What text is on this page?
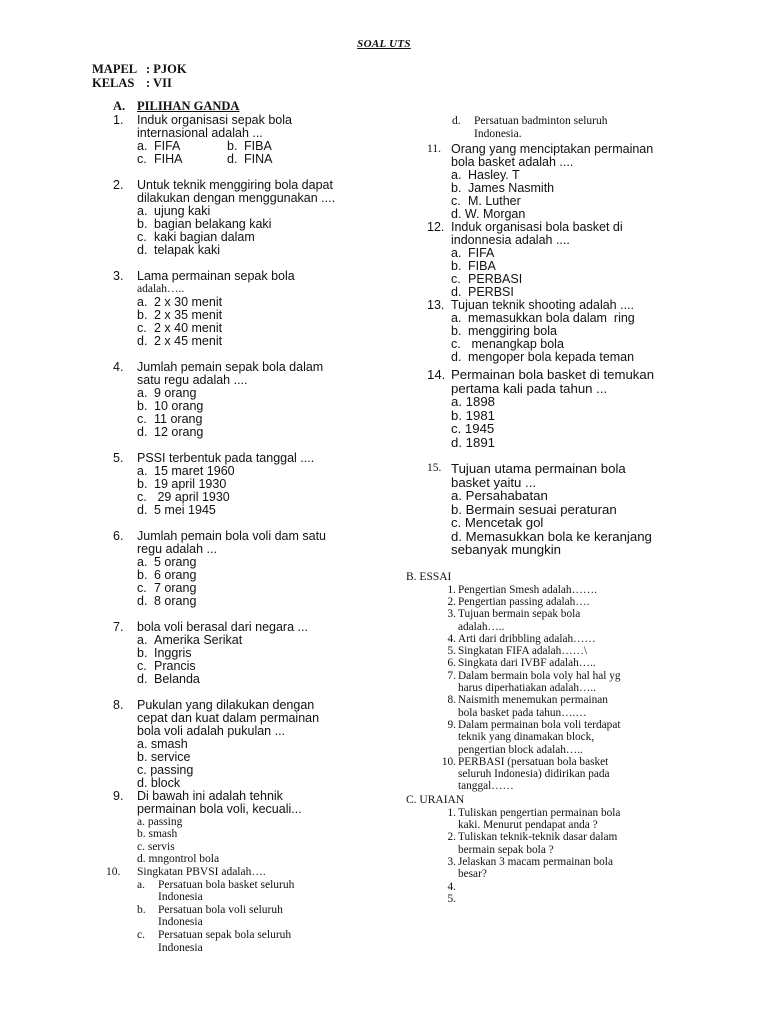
SOAL UTS
MAPEL : PJOK
KELAS : VII
A. PILIHAN GANDA
1. Induk organisasi sepak bola
internasional adalah ...
a. FIFA	b. FIBA
c. FIHA	d. FINA
2. Untuk teknik menggiring bola dapat
dilakukan dengan menggunakan ....
a. ujung kaki
b. bagian belakang kaki
c. kaki bagian dalam
d. telapak kaki
3. Lama permainan sepak bola
adalah…..
a. 2 x 30 menit
b. 2 x 35 menit
c. 2 x 40 menit
d. 2 x 45 menit
4. Jumlah pemain sepak bola dalam
satu regu adalah ....
a. 9 orang
b. 10 orang
c. 11 orang
d. 12 orang
5. PSSI terbentuk pada tanggal ....
a. 15 maret 1960
b. 19 april 1930
c. 29 april 1930
d. 5 mei 1945
6. Jumlah pemain bola voli dam satu
regu adalah ...
a. 5 orang
b. 6 orang
c. 7 orang
d. 8 orang
7. bola voli berasal dari negara ...
a. Amerika Serikat
b. Inggris
c. Prancis
d. Belanda
8. Pukulan yang dilakukan dengan
cepat dan kuat dalam permainan
bola voli adalah pukulan ...
a. smash
b. service
c. passing
d. block
9. Di bawah ini adalah tehnik
permainan bola voli, kecuali...
a. passing
b. smash
c. servis
d. mngontrol bola
10. Singkatan PBVSI adalah….
a. Persatuan bola basket seluruh
Indonesia
b. Persatuan bola voli seluruh
Indonesia
c. Persatuan sepak bola seluruh
Indonesia
d. Persatuan badminton seluruh
Indonesia.
11. Orang yang menciptakan permainan
bola basket adalah ....
a. Hasley. T
b. James Nasmith
c. M. Luther
d. W. Morgan
12. Induk organisasi bola basket di
indonnesia adalah ....
a. FIFA
b. FIBA
c. PERBASI
d. PERBSI
13. Tujuan teknik shooting adalah ....
a. memasukkan bola dalam  ring
b. menggiring bola
c. menangkap bola
d. mengoper bola kepada teman
14. Permainan bola basket di temukan
pertama kali pada tahun ...
a. 1898
b. 1981
c. 1945
d. 1891
15. Tujuan utama permainan bola
basket yaitu ...
a. Persahabatan
b. Bermain sesuai peraturan
c. Mencetak gol
d. Memasukkan bola ke keranjang
sebanyak mungkin
B. ESSAI
1. Pengertian Smesh adalah…….
2. Pengertian passing adalah….
3. Tujuan bermain sepak bola
adalah…..
4. Arti dari dribbling adalah……
5. Singkatan FIFA adalah……\
6. Singkata dari IVBF adalah…..
7. Dalam bermain bola voly hal hal yg
harus diperhatiakan adalah…..
8. Naismith menemukan permainan
bola basket pada tahun….…
9. Dalam permainan bola voli terdapat
teknik yang dinamakan block,
pengertian block adalah…..
10. PERBASI (persatuan bola basket
seluruh Indonesia) didirikan pada
tanggal……
C. URAIAN
1. Tuliskan pengertian permainan bola
kaki. Menurut pendapat anda ?
2. Tuliskan teknik-teknik dasar dalam
bermain sepak bola ?
3. Jelaskan 3 macam permainan bola
besar?
4.
5.
